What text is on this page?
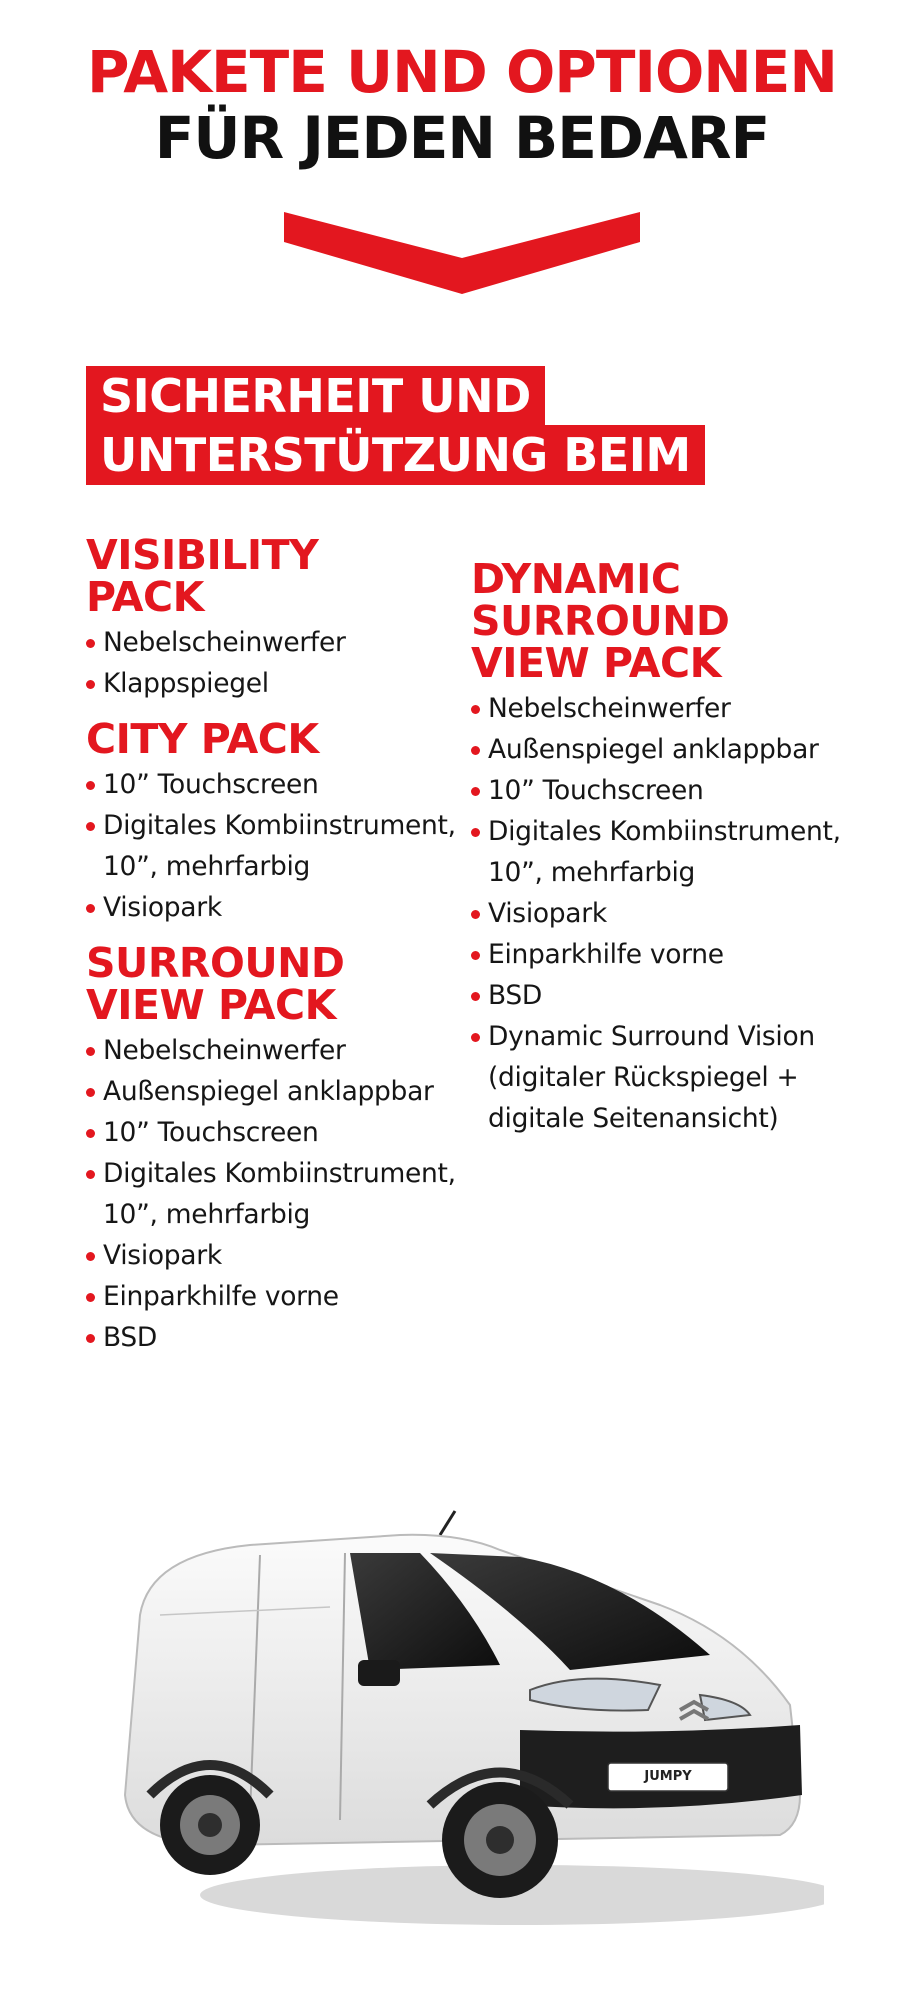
PAKETE UND OPTIONEN
FÜR JEDEN BEDARF
SICHERHEIT UND
UNTERSTÜTZUNG BEIM
VISIBILITY
PACK
Nebelscheinwerfer
Klappspiegel
CITY PACK
10” Touchscreen
Digitales Kombiinstrument, 10”, mehrfarbig
Visiopark
SURROUND
VIEW PACK
Nebelscheinwerfer
Außenspiegel anklappbar
10” Touchscreen
Digitales Kombiinstrument, 10”, mehrfarbig
Visiopark
Einparkhilfe vorne
BSD
DYNAMIC
SURROUND
VIEW PACK
Nebelscheinwerfer
Außenspiegel anklappbar
10” Touchscreen
Digitales Kombiinstrument, 10”, mehrfarbig
Visiopark
Einparkhilfe vorne
BSD
Dynamic Surround Vision (digitaler Rückspiegel + digitale Seitenansicht)
JUMPY
